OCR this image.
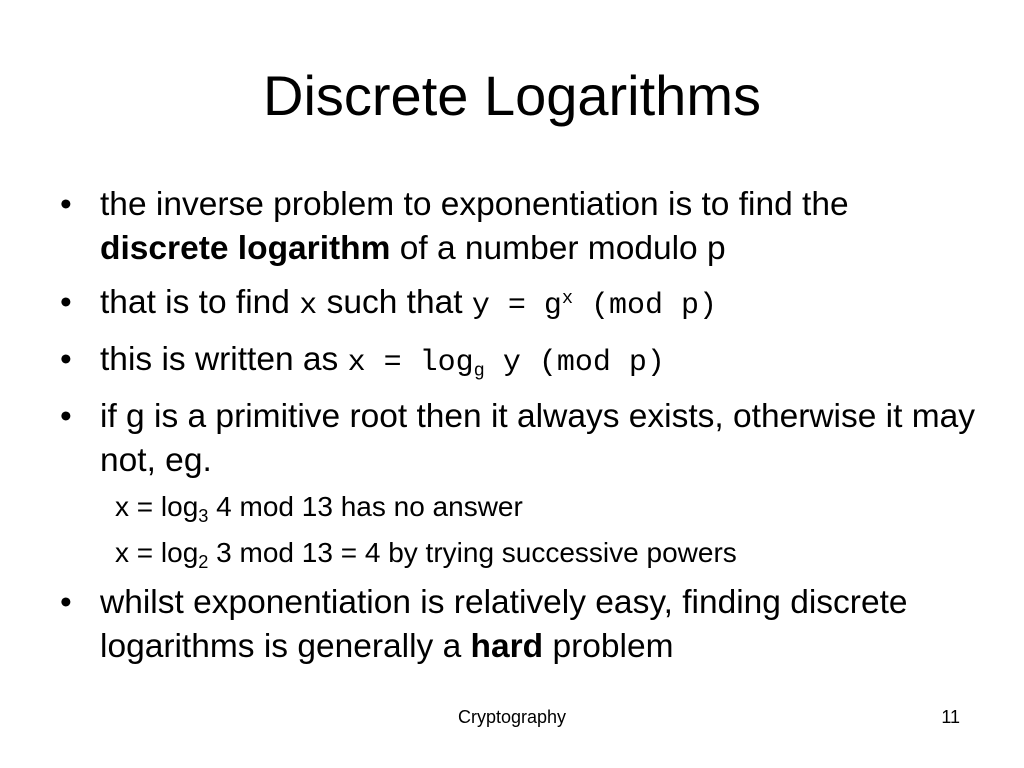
Discrete Logarithms
• the inverse problem to exponentiation is to find the discrete logarithm of a number modulo p
• that is to find x such that $y = g^x$ (mod p)
• this is written as $x = \log_g y$ (mod p)
• if g is a primitive root then it always exists, otherwise it may not, eg.
$x = \log_3 4$ mod 13 has no answer
$x = \log_2 3$ mod 13 = 4 by trying successive powers
• whilst exponentiation is relatively easy, finding discrete logarithms is generally a hard problem
Cryptography	11
